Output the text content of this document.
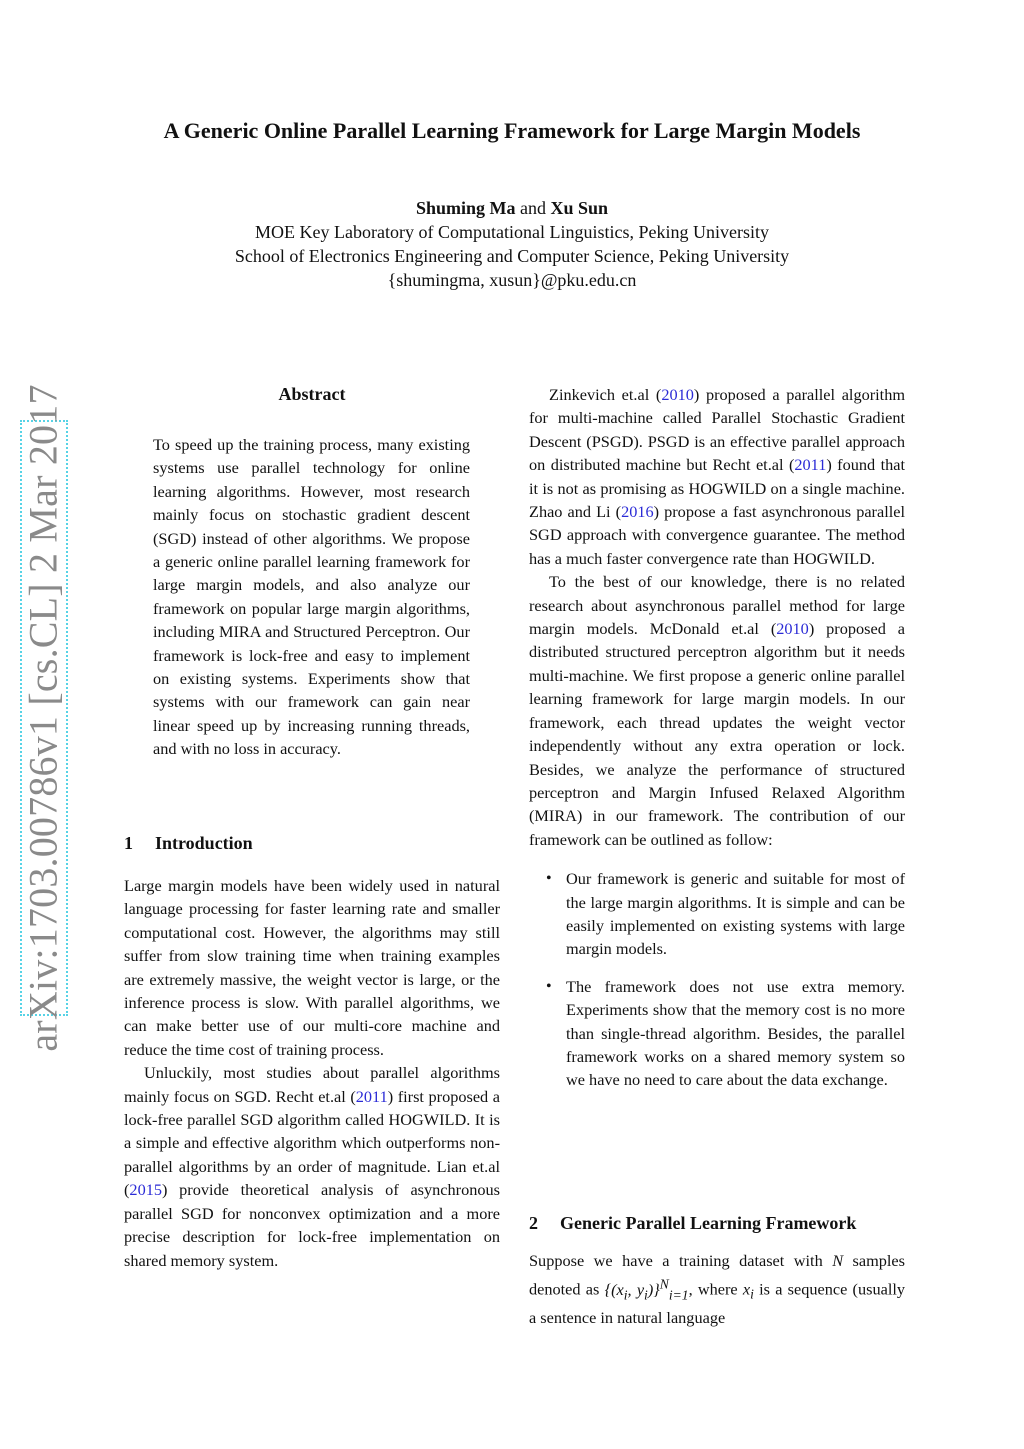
arXiv:1703.00786v1 [cs.CL] 2 Mar 2017
A Generic Online Parallel Learning Framework for Large Margin Models
Shuming Ma and Xu Sun
MOE Key Laboratory of Computational Linguistics, Peking University
School of Electronics Engineering and Computer Science, Peking University
{shumingma, xusun}@pku.edu.cn
Abstract

To speed up the training process, many existing systems use parallel technology for online learning algorithms. However, most research mainly focus on stochastic gradient descent (SGD) instead of other algorithms. We propose a generic online parallel learning framework for large margin models, and also analyze our framework on popular large margin algorithms, including MIRA and Structured Perceptron. Our framework is lock-free and easy to implement on existing systems. Experiments show that systems with our framework can gain near linear speed up by increasing running threads, and with no loss in accuracy.

1 Introduction

Large margin models have been widely used in natural language processing for faster learning rate and smaller computational cost. However, the algorithms may still suffer from slow training time when training examples are extremely massive, the weight vector is large, or the inference process is slow. With parallel algorithms, we can make better use of our multi-core machine and reduce the time cost of training process.

Unluckily, most studies about parallel algorithms mainly focus on SGD. Recht et.al (2011) first proposed a lock-free parallel SGD algorithm called HOGWILD. It is a simple and effective algorithm which outperforms non-parallel algorithms by an order of magnitude. Lian et.al (2015) provide theoretical analysis of asynchronous parallel SGD for nonconvex optimization and a more precise description for lock-free implementation on shared memory system.

Zinkevich et.al (2010) proposed a parallel algorithm for multi-machine called Parallel Stochastic Gradient Descent (PSGD). PSGD is an effective parallel approach on distributed machine but Recht et.al (2011) found that it is not as promising as HOGWILD on a single machine. Zhao and Li (2016) propose a fast asynchronous parallel SGD approach with convergence guarantee. The method has a much faster convergence rate than HOGWILD.

To the best of our knowledge, there is no related research about asynchronous parallel method for large margin models. McDonald et.al (2010) proposed a distributed structured perceptron algorithm but it needs multi-machine. We first propose a generic online parallel learning framework for large margin models. In our framework, each thread updates the weight vector independently without any extra operation or lock. Besides, we analyze the performance of structured perceptron and Margin Infused Relaxed Algorithm (MIRA) in our framework. The contribution of our framework can be outlined as follow:

• Our framework is generic and suitable for most of the large margin algorithms. It is simple and can be easily implemented on existing systems with large margin models.
• The framework does not use extra memory. Experiments show that the memory cost is no more than single-thread algorithm. Besides, the parallel framework works on a shared memory system so we have no need to care about the data exchange.
2 Generic Parallel Learning Framework

Suppose we have a training dataset with N samples denoted as {($x_i$, $y_i)\}^N_{i=1}$, where $x_i$ is a sequence (usually a sentence in natural language
